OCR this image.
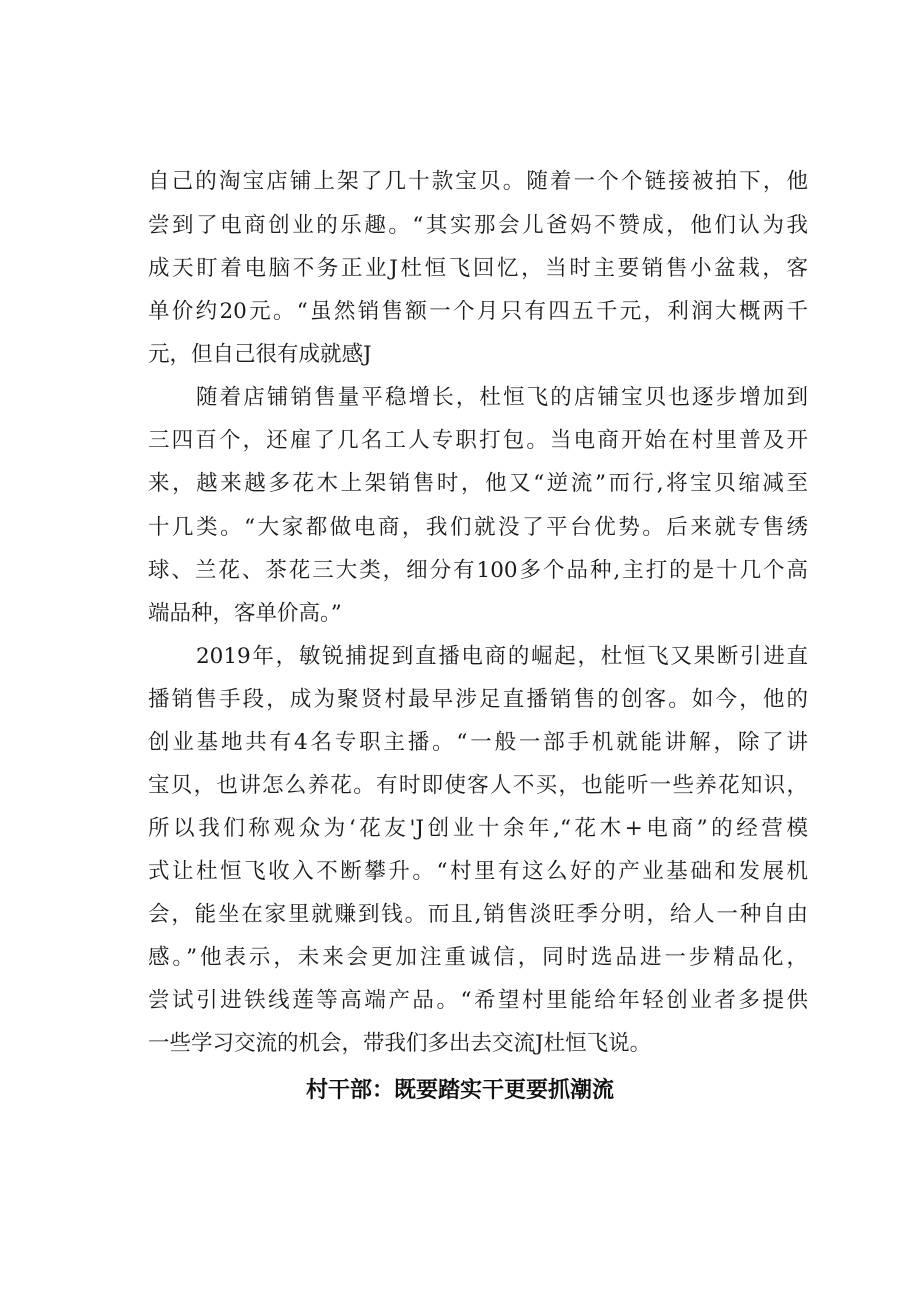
自己的淘宝店铺上架了几十款宝贝。随着一个个链接被拍下，他
尝到了电商创业的乐趣。“其实那会儿爸妈不赞成，他们认为我
成天盯着电脑不务正业J杜恒飞回忆，当时主要销售小盆栽，客
单价约20元。“虽然销售额一个月只有四五千元，利润大概两千
元，但自己很有成就感J
随着店铺销售量平稳增长，杜恒飞的店铺宝贝也逐步增加到
三四百个，还雇了几名工人专职打包。当电商开始在村里普及开
来，越来越多花木上架销售时，他又“逆流”而行,将宝贝缩减至
十几类。“大家都做电商，我们就没了平台优势。后来就专售绣
球、兰花、茶花三大类，细分有100多个品种,主打的是十几个高
端品种，客单价高。”
2019年，敏锐捕捉到直播电商的崛起，杜恒飞又果断引进直
播销售手段，成为聚贤村最早涉足直播销售的创客。如今，他的
创业基地共有4名专职主播。“一般一部手机就能讲解，除了讲
宝贝，也讲怎么养花。有时即使客人不买，也能听一些养花知识，
所以我们称观众为‘花友'J创业十余年,“花木+电商”的经营模
式让杜恒飞收入不断攀升。“村里有这么好的产业基础和发展机
会，能坐在家里就赚到钱。而且,销售淡旺季分明，给人一种自由
感。”他表示，未来会更加注重诚信，同时选品进一步精品化，
尝试引进铁线莲等高端产品。“希望村里能给年轻创业者多提供
一些学习交流的机会，带我们多出去交流J杜恒飞说。
村干部：既要踏实干更要抓潮流
